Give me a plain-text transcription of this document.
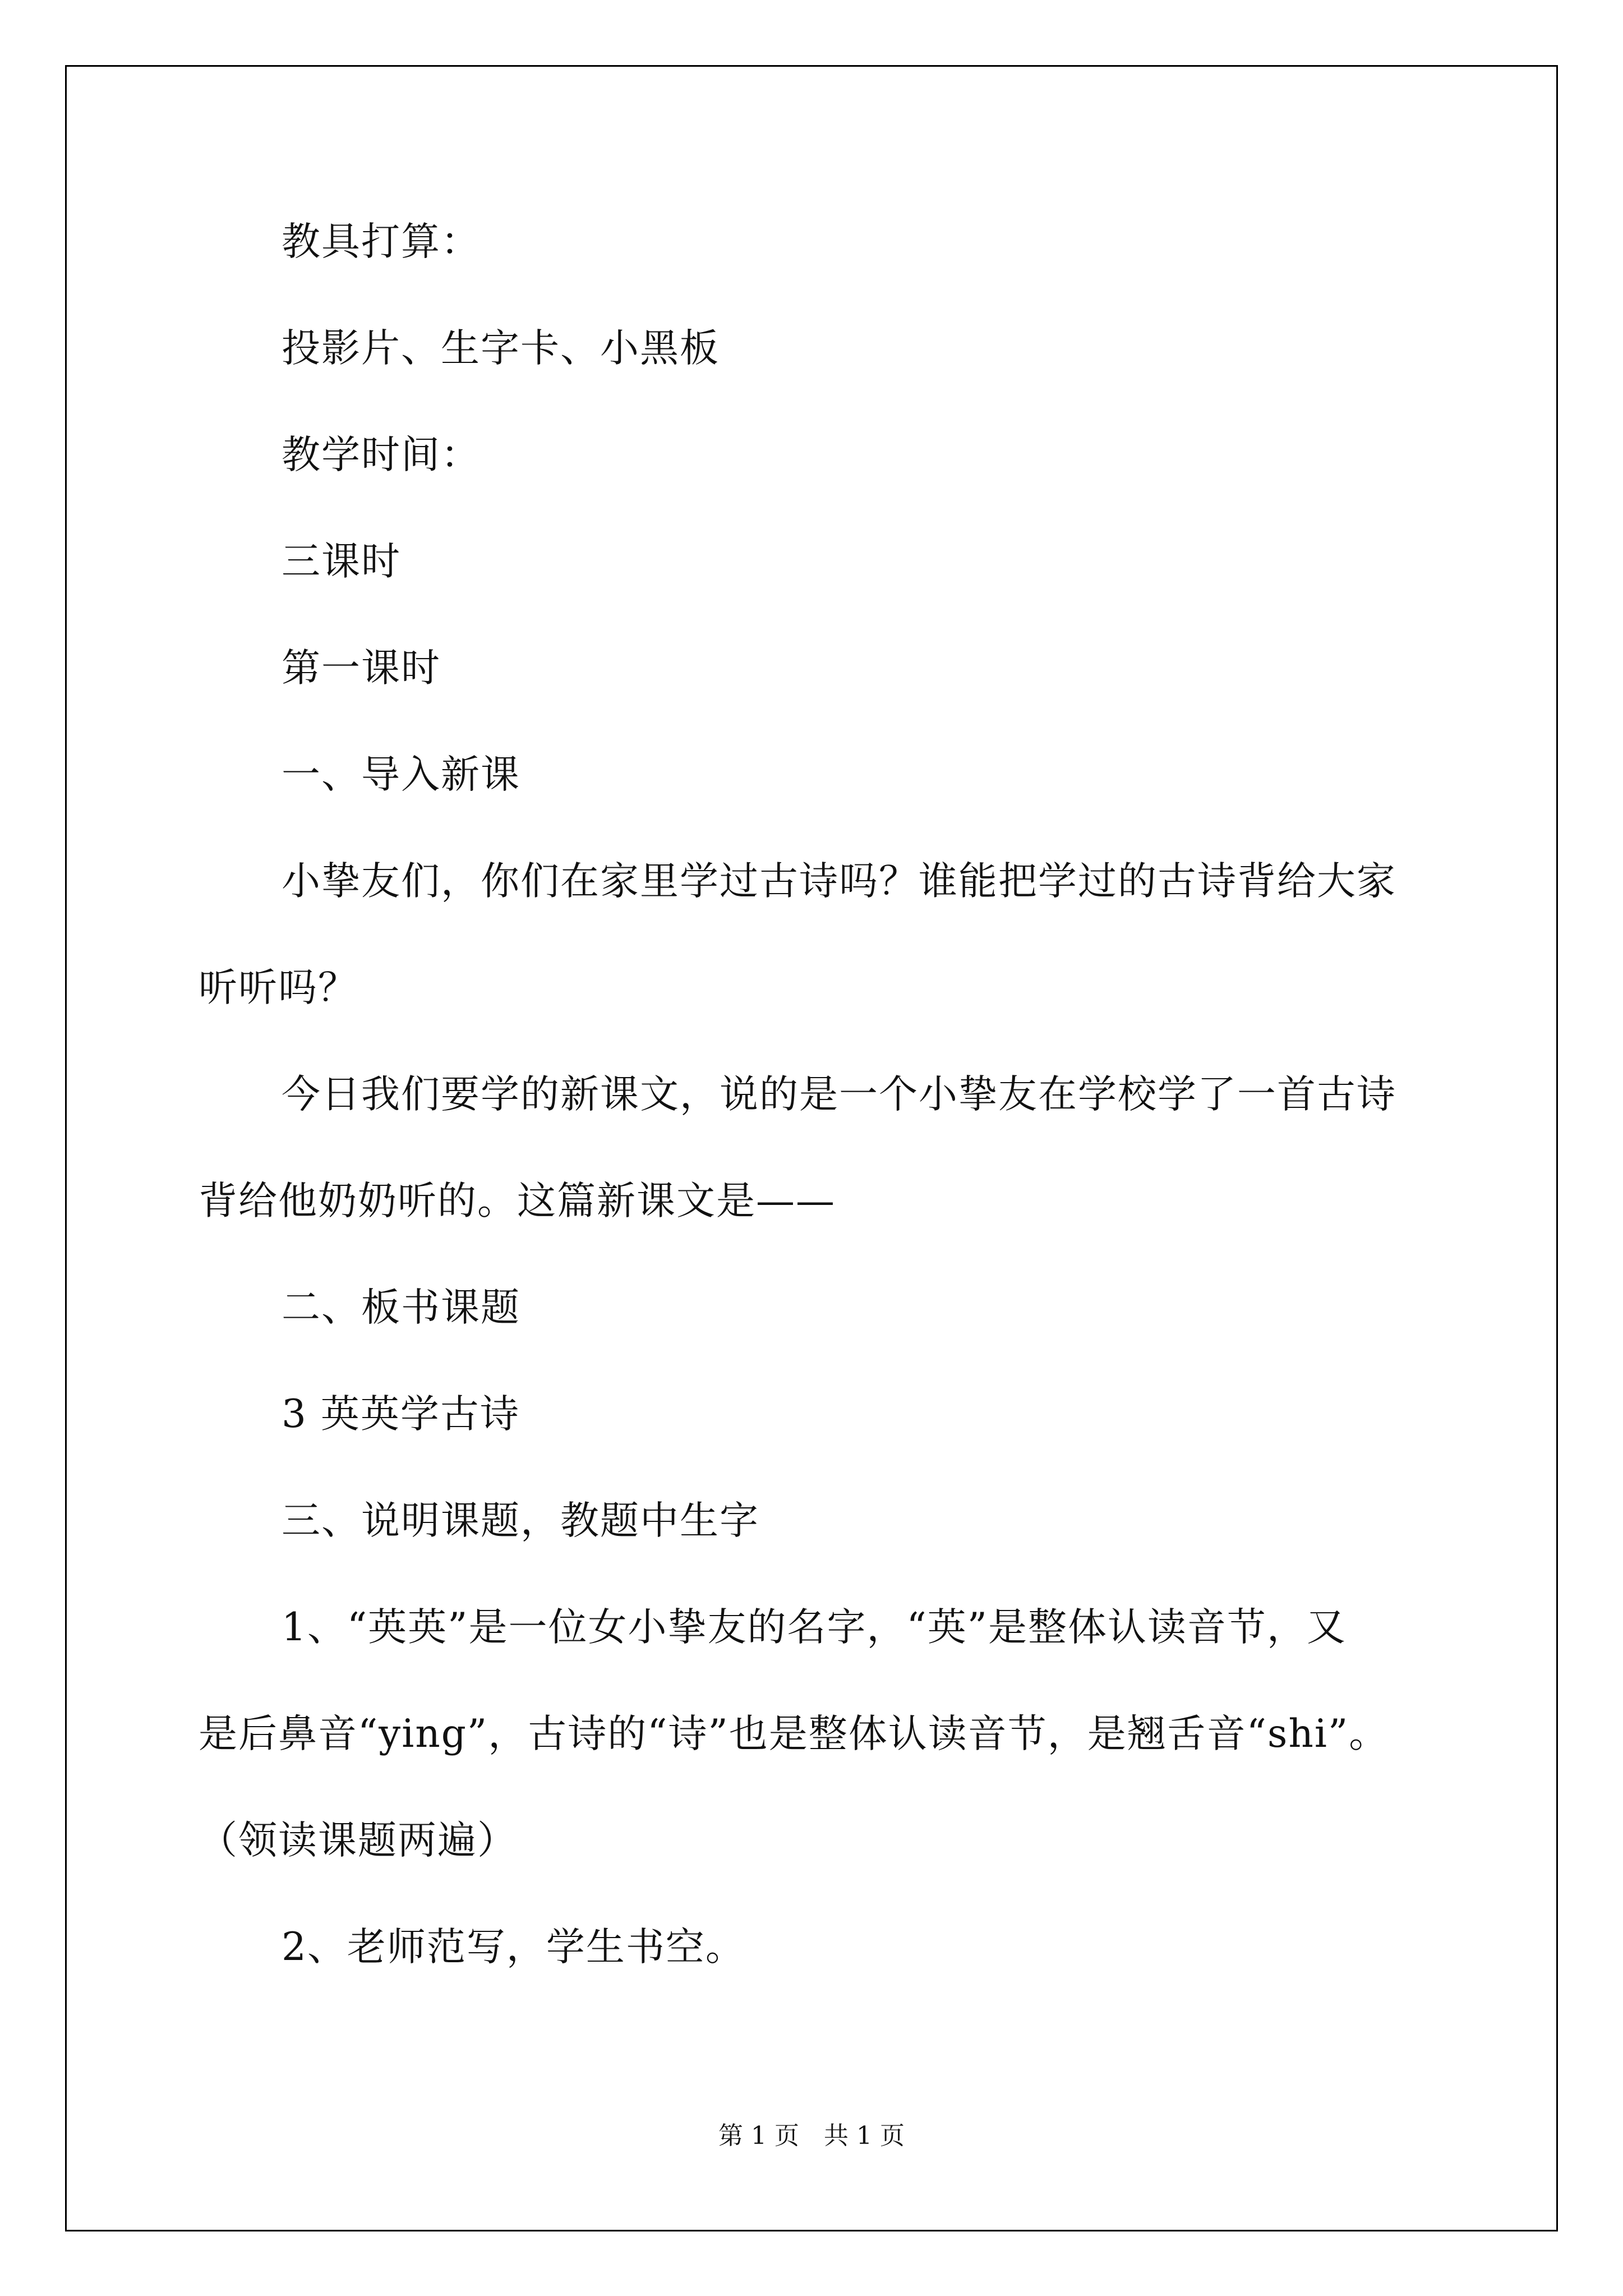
教具打算：
投影片、生字卡、小黑板
教学时间：
三课时
第一课时
一、导入新课
小挚友们，你们在家里学过古诗吗？谁能把学过的古诗背给大家
听听吗？
今日我们要学的新课文，说的是一个小挚友在学校学了一首古诗
背给他奶奶听的。这篇新课文是——
二、板书课题
3 英英学古诗
三、说明课题，教题中生字
1、“英英”是一位女小挚友的名字，“英”是整体认读音节，又
是后鼻音“ying”，古诗的“诗”也是整体认读音节，是翘舌音“shi”。
（领读课题两遍）
2、老师范写，学生书空。
第 1 页 共 1 页
